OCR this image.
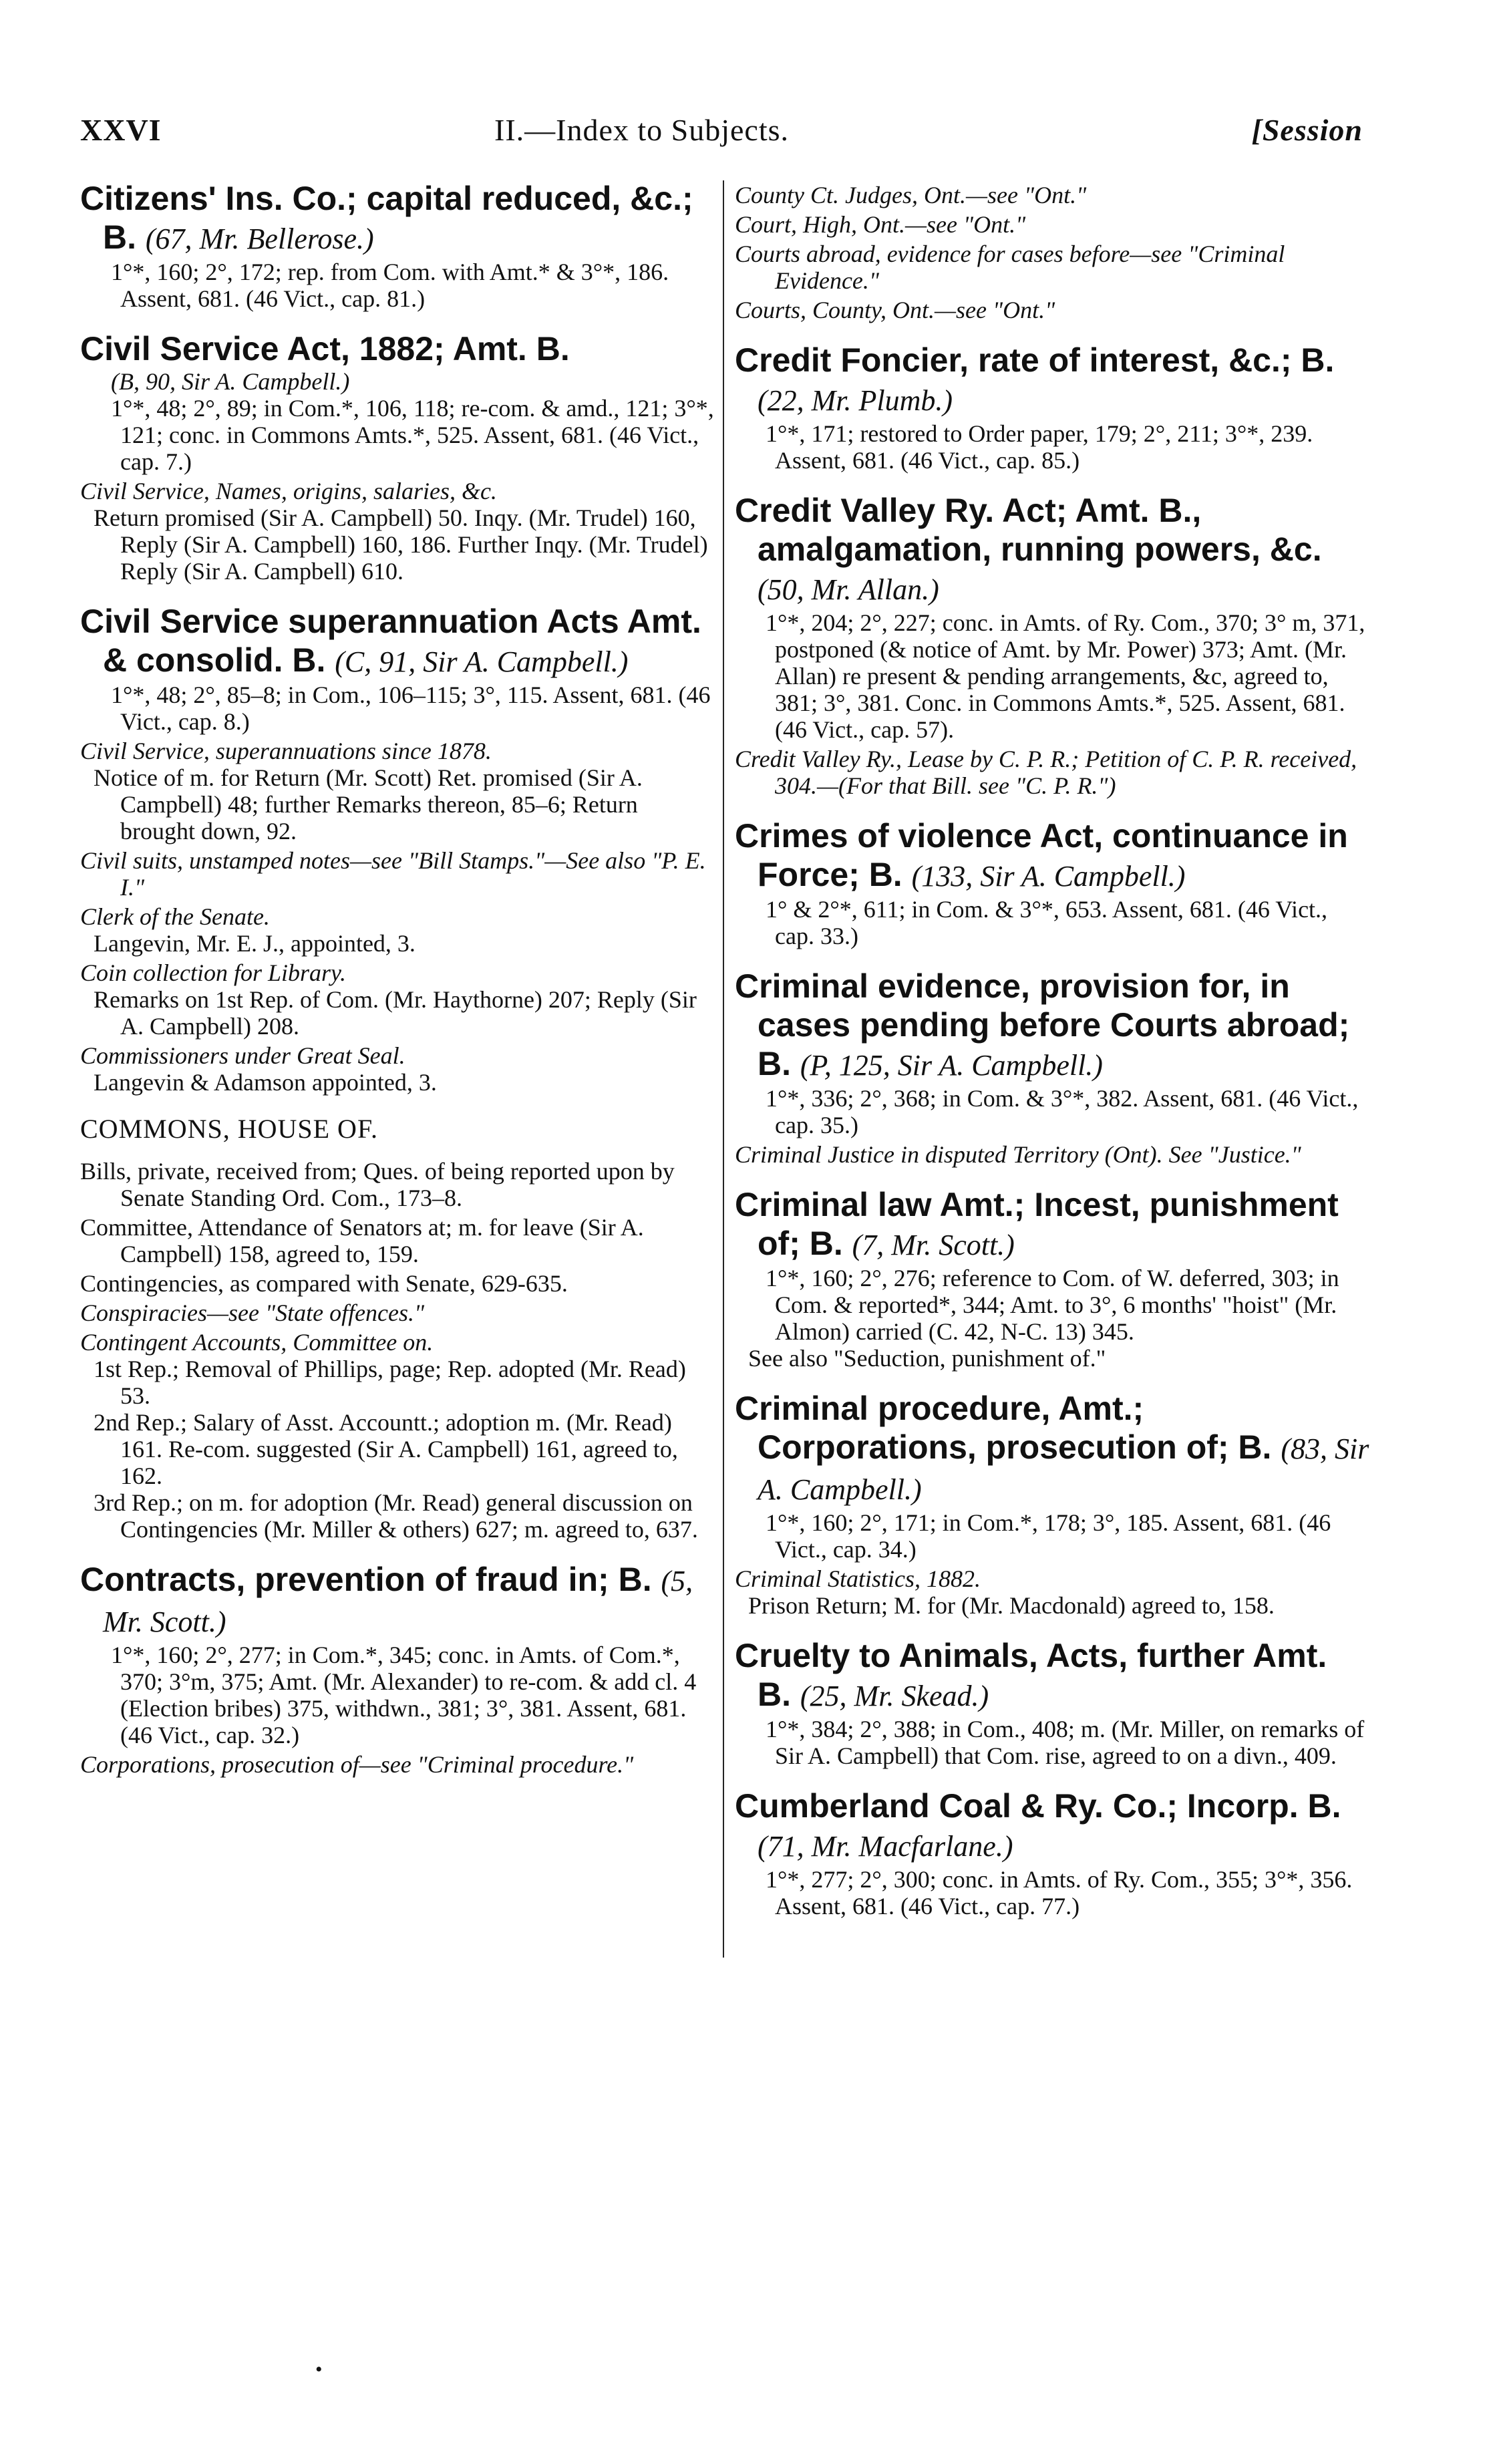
XXVI	II.—Index to Subjects.	[Session
Citizens' Ins. Co.; capital reduced, &c.; B. (67, Mr. Bellerose.)
1°*, 160; 2°, 172; rep. from Com. with Amt.* & 3°*, 186. Assent, 681. (46 Vict., cap. 81.)
Civil Service Act, 1882; Amt. B.
(B, 90, Sir A. Campbell.)
1°*, 48; 2°, 89; in Com.*, 106, 118; re-com. & amd., 121; 3°*, 121; conc. in Commons Amts.*, 525. Assent, 681. (46 Vict., cap. 7.)
Civil Service, Names, origins, salaries, &c.
Return promised (Sir A. Campbell) 50. Inqy. (Mr. Trudel) 160, Reply (Sir A. Campbell) 160, 186. Further Inqy. (Mr. Trudel) Reply (Sir A. Campbell) 610.
Civil Service superannuation Acts Amt. & consolid. B. (C, 91, Sir A. Campbell.)
1°*, 48; 2°, 85–8; in Com., 106–115; 3°, 115. Assent, 681. (46 Vict., cap. 8.)
Civil Service, superannuations since 1878.
Notice of m. for Return (Mr. Scott) Ret. promised (Sir A. Campbell) 48; further Remarks thereon, 85–6; Return brought down, 92.
Civil suits, unstamped notes—see "Bill Stamps."—See also "P. E. I."
Clerk of the Senate.
Langevin, Mr. E. J., appointed, 3.
Coin collection for Library.
Remarks on 1st Rep. of Com. (Mr. Haythorne) 207; Reply (Sir A. Campbell) 208.
Commissioners under Great Seal.
Langevin & Adamson appointed, 3.
COMMONS, HOUSE OF.
Bills, private, received from; Ques. of being reported upon by Senate Standing Ord. Com., 173–8.
Committee, Attendance of Senators at; m. for leave (Sir A. Campbell) 158, agreed to, 159.
Contingencies, as compared with Senate, 629-635.
Conspiracies—see "State offences."
Contingent Accounts, Committee on.
1st Rep.; Removal of Phillips, page; Rep. adopted (Mr. Read) 53.
2nd Rep.; Salary of Asst. Accountt.; adoption m. (Mr. Read) 161. Re-com. suggested (Sir A. Campbell) 161, agreed to, 162.
3rd Rep.; on m. for adoption (Mr. Read) general discussion on Contingencies (Mr. Miller & others) 627; m. agreed to, 637.
Contracts, prevention of fraud in; B. (5, Mr. Scott.)
1°*, 160; 2°, 277; in Com.*, 345; conc. in Amts. of Com.*, 370; 3°m, 375; Amt. (Mr. Alexander) to re-com. & add cl. 4 (Election bribes) 375, withdwn., 381; 3°, 381. Assent, 681. (46 Vict., cap. 32.)
Corporations, prosecution of—see "Criminal procedure."
County Ct. Judges, Ont.—see "Ont."
Court, High, Ont.—see "Ont."
Courts abroad, evidence for cases before—see "Criminal Evidence."
Courts, County, Ont.—see "Ont."
Credit Foncier, rate of interest, &c.; B. (22, Mr. Plumb.)
1°*, 171; restored to Order paper, 179; 2°, 211; 3°*, 239. Assent, 681. (46 Vict., cap. 85.)
Credit Valley Ry. Act; Amt. B., amalgamation, running powers, &c. (50, Mr. Allan.)
1°*, 204; 2°, 227; conc. in Amts. of Ry. Com., 370; 3° m, 371, postponed (& notice of Amt. by Mr. Power) 373; Amt. (Mr. Allan) re present & pending arrangements, &c, agreed to, 381; 3°, 381. Conc. in Commons Amts.*, 525. Assent, 681. (46 Vict., cap. 57).
Credit Valley Ry., Lease by C. P. R.; Petition of C. P. R. received, 304.—(For that Bill. see "C. P. R.")
Crimes of violence Act, continuance in Force; B. (133, Sir A. Campbell.)
1° & 2°*, 611; in Com. & 3°*, 653. Assent, 681. (46 Vict., cap. 33.)
Criminal evidence, provision for, in cases pending before Courts abroad; B. (P, 125, Sir A. Campbell.)
1°*, 336; 2°, 368; in Com. & 3°*, 382. Assent, 681. (46 Vict., cap. 35.)
Criminal Justice in disputed Territory (Ont). See "Justice."
Criminal law Amt.; Incest, punishment of; B. (7, Mr. Scott.)
1°*, 160; 2°, 276; reference to Com. of W. deferred, 303; in Com. & reported*, 344; Amt. to 3°, 6 months' "hoist" (Mr. Almon) carried (C. 42, N-C. 13) 345.
See also "Seduction, punishment of."
Criminal procedure, Amt.; Corporations, prosecution of; B. (83, Sir A. Campbell.)
1°*, 160; 2°, 171; in Com.*, 178; 3°, 185. Assent, 681. (46 Vict., cap. 34.)
Criminal Statistics, 1882.
Prison Return; M. for (Mr. Macdonald) agreed to, 158.
Cruelty to Animals, Acts, further Amt. B. (25, Mr. Skead.)
1°*, 384; 2°, 388; in Com., 408; m. (Mr. Miller, on remarks of Sir A. Campbell) that Com. rise, agreed to on a divn., 409.
Cumberland Coal & Ry. Co.; Incorp. B. (71, Mr. Macfarlane.)
1°*, 277; 2°, 300; conc. in Amts. of Ry. Com., 355; 3°*, 356. Assent, 681. (46 Vict., cap. 77.)
•
